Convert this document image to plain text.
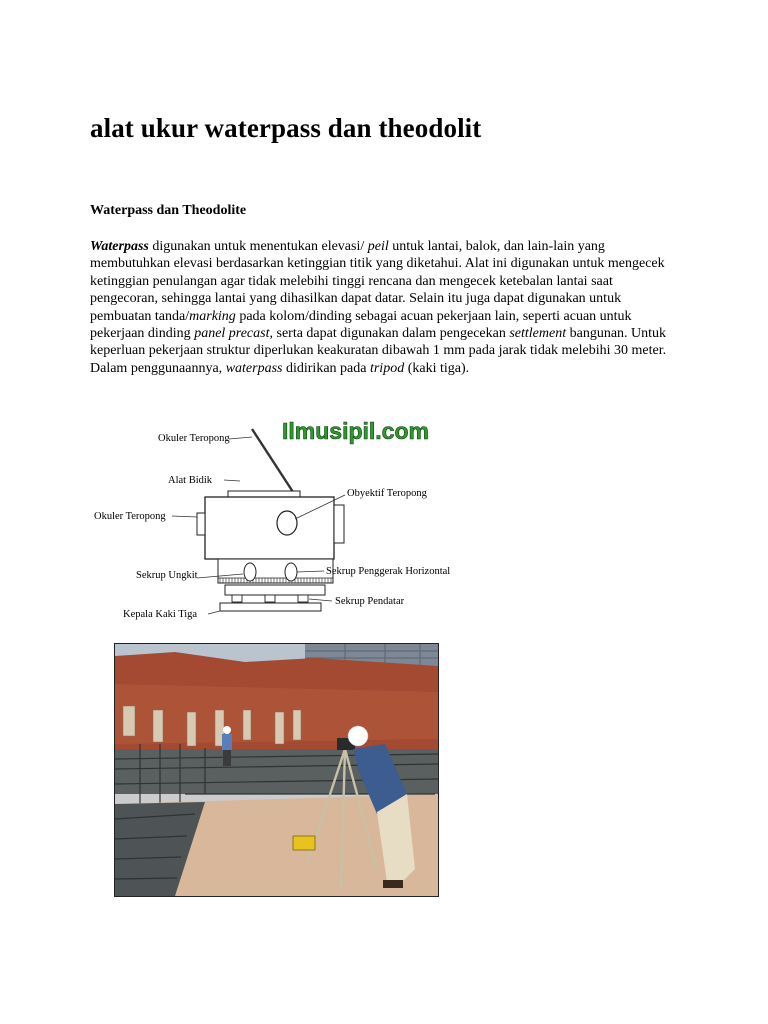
alat ukur waterpass dan theodolit
Waterpass dan Theodolite

Waterpass digunakan untuk menentukan elevasi/ peil untuk lantai, balok, dan lain-lain yang membutuhkan elevasi berdasarkan ketinggian titik yang diketahui. Alat ini digunakan untuk mengecek ketinggian penulangan agar tidak melebihi tinggi rencana dan mengecek ketebalan lantai saat pengecoran, sehingga lantai yang dihasilkan dapat datar. Selain itu juga dapat digunakan untuk pembuatan tanda/marking pada kolom/dinding sebagai acuan pekerjaan lain, seperti acuan untuk pekerjaan dinding panel precast, serta dapat digunakan dalam pengecekan settlement bangunan. Untuk keperluan pekerjaan struktur diperlukan keakuratan dibawah 1 mm pada jarak tidak melebihi 30 meter. Dalam penggunaannya, waterpass didirikan pada tripod (kaki tiga).

Ilmusipil.com
Okuler Teropong
Alat Bidik
Okuler Teropong
Obyektif Teropong
Sekrup Ungkit	Sekrup Penggerak Horizontal
Sekrup Pendatar
Kepala Kaki Tiga
